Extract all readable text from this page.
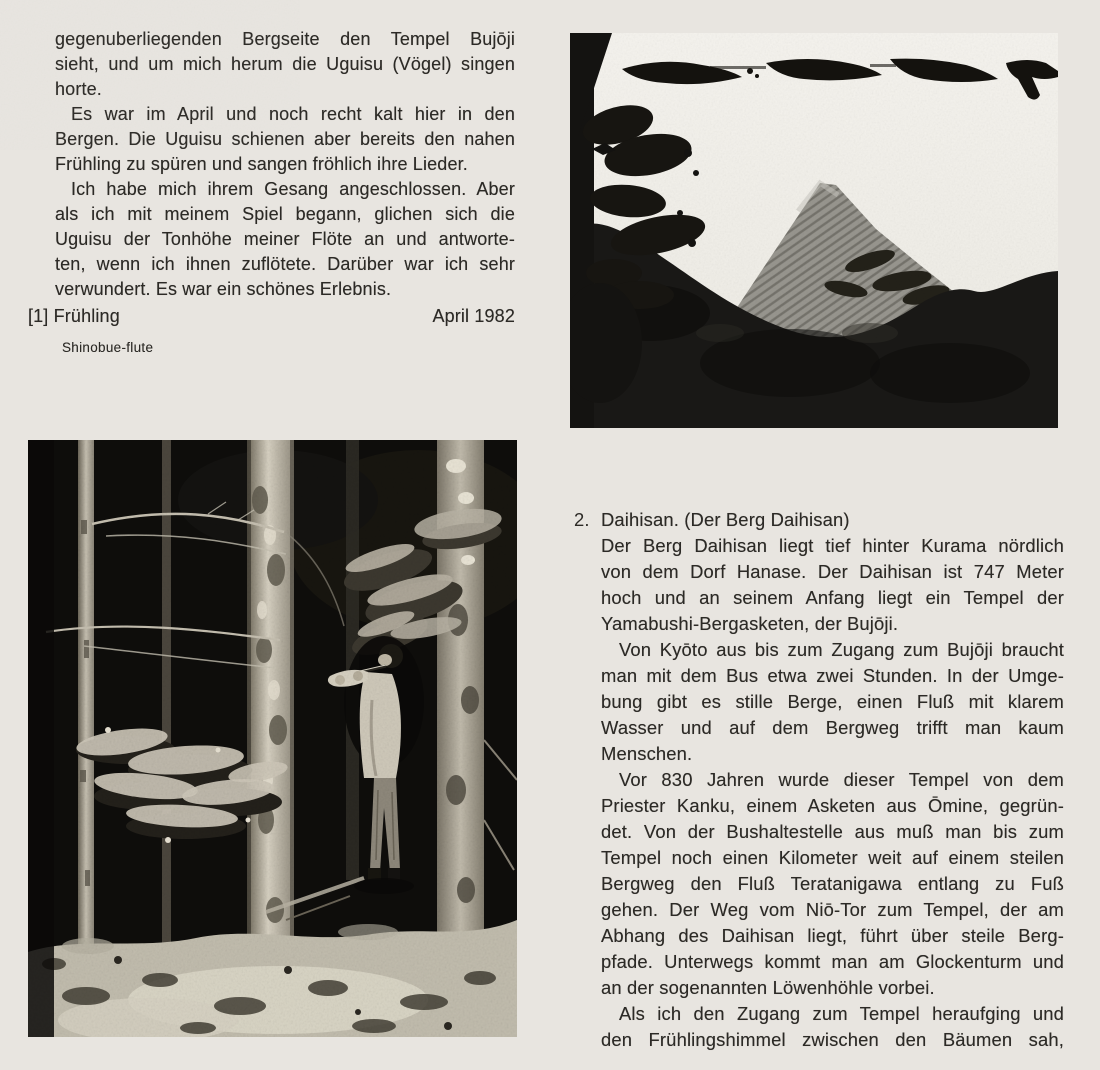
gegenuberliegenden Bergseite den Tempel Bujōji
sieht, und um mich herum die Uguisu (Vögel) singen
horte.
Es war im April und noch recht kalt hier in den
Bergen. Die Uguisu schienen aber bereits den nahen
Frühling zu spüren und sangen fröhlich ihre Lieder.
Ich habe mich ihrem Gesang angeschlossen. Aber
als ich mit meinem Spiel begann, glichen sich die
Uguisu der Tonhöhe meiner Flöte an und antworte-
ten, wenn ich ihnen zuflötete. Darüber war ich sehr
verwundert. Es war ein schönes Erlebnis.
[1] Frühling	April 1982
Shinobue-flute
2. Daihisan. (Der Berg Daihisan)
Der Berg Daihisan liegt tief hinter Kurama nördlich
von dem Dorf Hanase. Der Daihisan ist 747 Meter
hoch und an seinem Anfang liegt ein Tempel der
Yamabushi-Bergasketen, der Bujōji.
Von Kyōto aus bis zum Zugang zum Bujōji braucht
man mit dem Bus etwa zwei Stunden. In der Umge-
bung gibt es stille Berge, einen Fluß mit klarem
Wasser und auf dem Bergweg trifft man kaum
Menschen.
Vor 830 Jahren wurde dieser Tempel von dem
Priester Kanku, einem Asketen aus Ōmine, gegrün-
det. Von der Bushaltestelle aus muß man bis zum
Tempel noch einen Kilometer weit auf einem steilen
Bergweg den Fluß Teratanigawa entlang zu Fuß
gehen. Der Weg vom Niō-Tor zum Tempel, der am
Abhang des Daihisan liegt, führt über steile Berg-
pfade. Unterwegs kommt man am Glockenturm und
an der sogenannten Löwenhöhle vorbei.
Als ich den Zugang zum Tempel heraufging und
den Frühlingshimmel zwischen den Bäumen sah,
